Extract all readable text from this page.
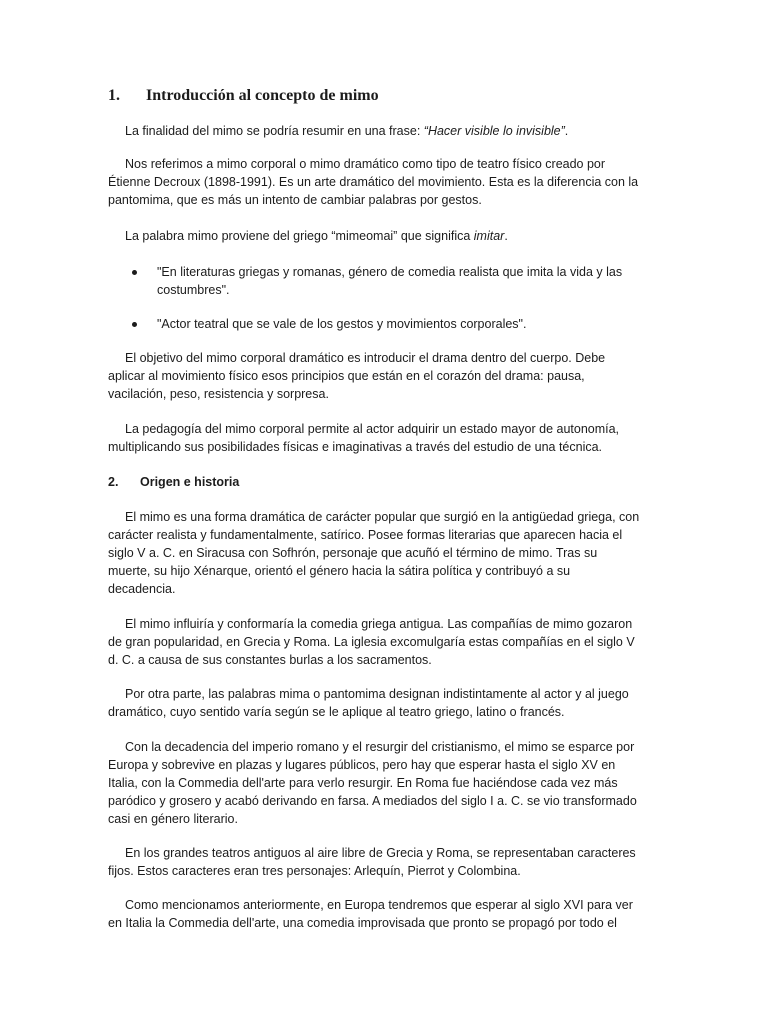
1. Introducción al concepto de mimo
La finalidad del mimo se podría resumir en una frase: “Hacer visible lo invisible”.
Nos referimos a mimo corporal o mimo dramático como tipo de teatro físico creado por
Étienne Decroux (1898-1991). Es un arte dramático del movimiento. Esta es la diferencia con la
pantomima, que es más un intento de cambiar palabras por gestos.
La palabra mimo proviene del griego “mimeomai” que significa imitar.
"En literaturas griegas y romanas, género de comedia realista que imita la vida y las
costumbres".
"Actor teatral que se vale de los gestos y movimientos corporales".
El objetivo del mimo corporal dramático es introducir el drama dentro del cuerpo. Debe
aplicar al movimiento físico esos principios que están en el corazón del drama: pausa,
vacilación, peso, resistencia y sorpresa.
La pedagogía del mimo corporal permite al actor adquirir un estado mayor de autonomía,
multiplicando sus posibilidades físicas e imaginativas a través del estudio de una técnica.
2. Origen e historia
El mimo es una forma dramática de carácter popular que surgió en la antigüedad griega, con
carácter realista y fundamentalmente, satírico. Posee formas literarias que aparecen hacia el
siglo V a. C. en Siracusa con Sofhrón, personaje que acuñó el término de mimo. Tras su
muerte, su hijo Xénarque, orientó el género hacia la sátira política y contribuyó a su
decadencia.
El mimo influiría y conformaría la comedia griega antigua. Las compañías de mimo gozaron
de gran popularidad, en Grecia y Roma. La iglesia excomulgaría estas compañías en el siglo V
d. C. a causa de sus constantes burlas a los sacramentos.
Por otra parte, las palabras mima o pantomima designan indistintamente al actor y al juego
dramático, cuyo sentido varía según se le aplique al teatro griego, latino o francés.
Con la decadencia del imperio romano y el resurgir del cristianismo, el mimo se esparce por
Europa y sobrevive en plazas y lugares públicos, pero hay que esperar hasta el siglo XV en
Italia, con la Commedia dell'arte para verlo resurgir. En Roma fue haciéndose cada vez más
paródico y grosero y acabó derivando en farsa. A mediados del siglo I a. C. se vio transformado
casi en género literario.
En los grandes teatros antiguos al aire libre de Grecia y Roma, se representaban caracteres
fijos. Estos caracteres eran tres personajes: Arlequín, Pierrot y Colombina.
Como mencionamos anteriormente, en Europa tendremos que esperar al siglo XVI para ver
en Italia la Commedia dell'arte, una comedia improvisada que pronto se propagó por todo el
